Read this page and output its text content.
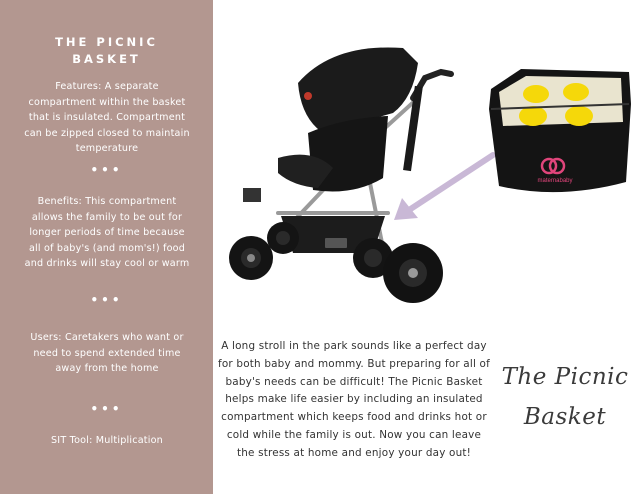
THE PICNIC BASKET
Features: A separate compartment within the basket that is insulated. Compartment can be zipped closed to maintain temperature
•••
Benefits: This compartment allows the family to be out for longer periods of time because all of baby's (and mom's!) food and drinks will stay cool or warm
•••
Users: Caretakers who want or need to spend extended time away from the home
•••
SIT Tool: Multiplication
maternababy
A long stroll in the park sounds like a perfect day for both baby and mommy. But preparing for all of baby's needs can be difficult! The Picnic Basket helps make life easier by including an insulated compartment which keeps food and drinks hot or cold while the family is out. Now you can leave the stress at home and enjoy your day out!
The Picnic
Basket
